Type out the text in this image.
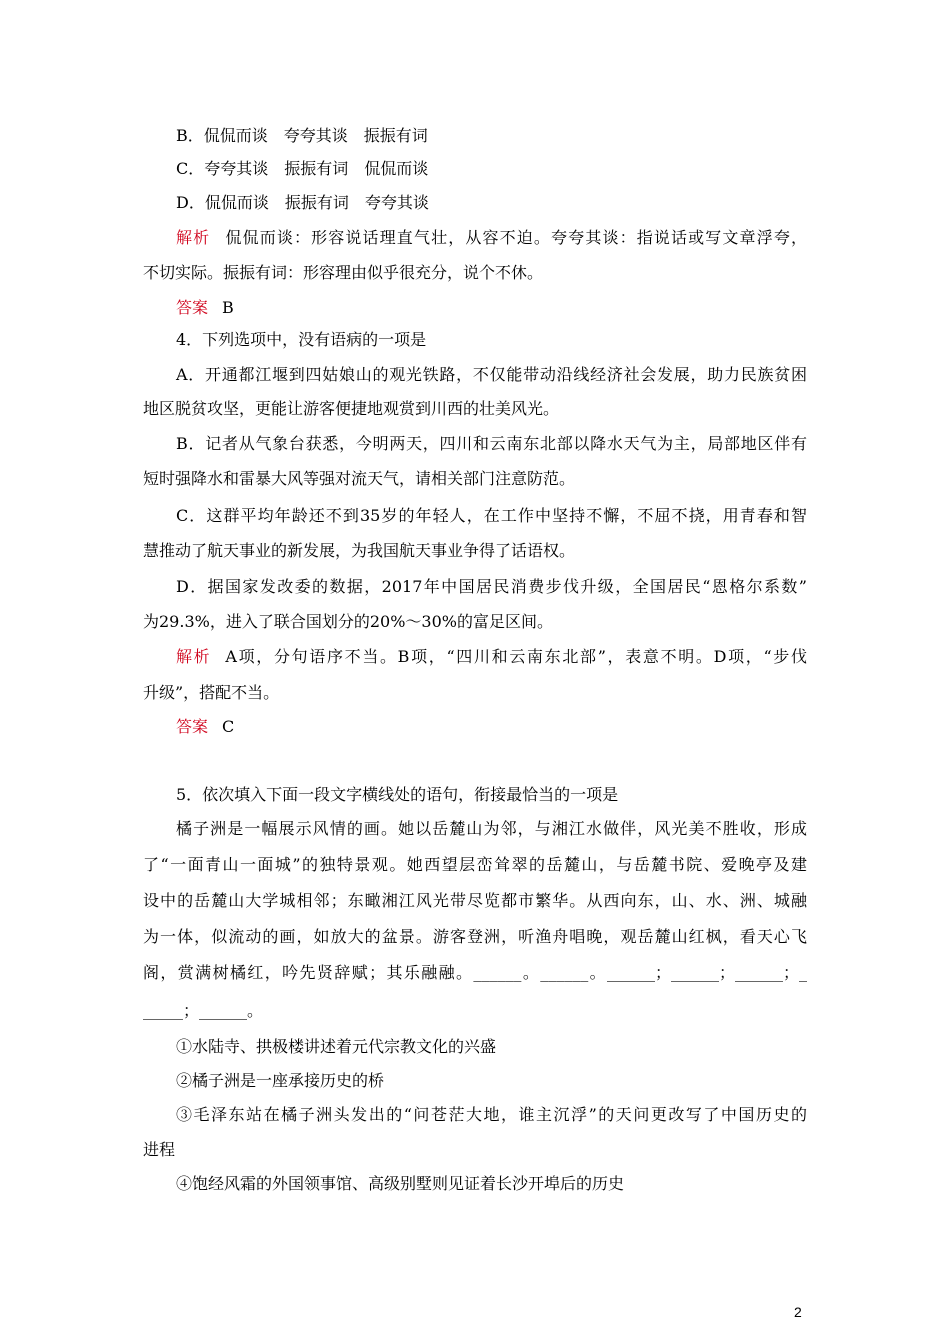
B．侃侃而谈　夸夸其谈　振振有词
C．夸夸其谈　振振有词　侃侃而谈
D．侃侃而谈　振振有词　夸夸其谈
解析 侃侃而谈：形容说话理直气壮，从容不迫。夸夸其谈：指说话或写文章浮夸，
不切实际。振振有词：形容理由似乎很充分，说个不休。
答案 B
4．下列选项中，没有语病的一项是
A．开通都江堰到四姑娘山的观光铁路，不仅能带动沿线经济社会发展，助力民族贫困
地区脱贫攻坚，更能让游客便捷地观赏到川西的壮美风光。
B．记者从气象台获悉，今明两天，四川和云南东北部以降水天气为主，局部地区伴有
短时强降水和雷暴大风等强对流天气，请相关部门注意防范。
C．这群平均年龄还不到35岁的年轻人，在工作中坚持不懈，不屈不挠，用青春和智
慧推动了航天事业的新发展，为我国航天事业争得了话语权。
D．据国家发改委的数据，2017年中国居民消费步伐升级，全国居民“恩格尔系数”
为29.3%，进入了联合国划分的20%～30%的富足区间。
解析 A项，分句语序不当。B项，“四川和云南东北部”，表意不明。D项，“步伐
升级”，搭配不当。
答案 C
5．依次填入下面一段文字横线处的语句，衔接最恰当的一项是
橘子洲是一幅展示风情的画。她以岳麓山为邻，与湘江水做伴，风光美不胜收，形成
了“一面青山一面城”的独特景观。她西望层峦耸翠的岳麓山，与岳麓书院、爱晚亭及建
设中的岳麓山大学城相邻；东瞰湘江风光带尽览都市繁华。从西向东，山、水、洲、城融
为一体，似流动的画，如放大的盆景。游客登洲，听渔舟唱晚，观岳麓山红枫，看天心飞
阁，赏满树橘红，吟先贤辞赋；其乐融融。______。______。______；______；______；_
_____；______。
①水陆寺、拱极楼讲述着元代宗教文化的兴盛
②橘子洲是一座承接历史的桥
③毛泽东站在橘子洲头发出的“问苍茫大地，谁主沉浮”的天问更改写了中国历史的
进程
④饱经风霜的外国领事馆、高级别墅则见证着长沙开埠后的历史
2
